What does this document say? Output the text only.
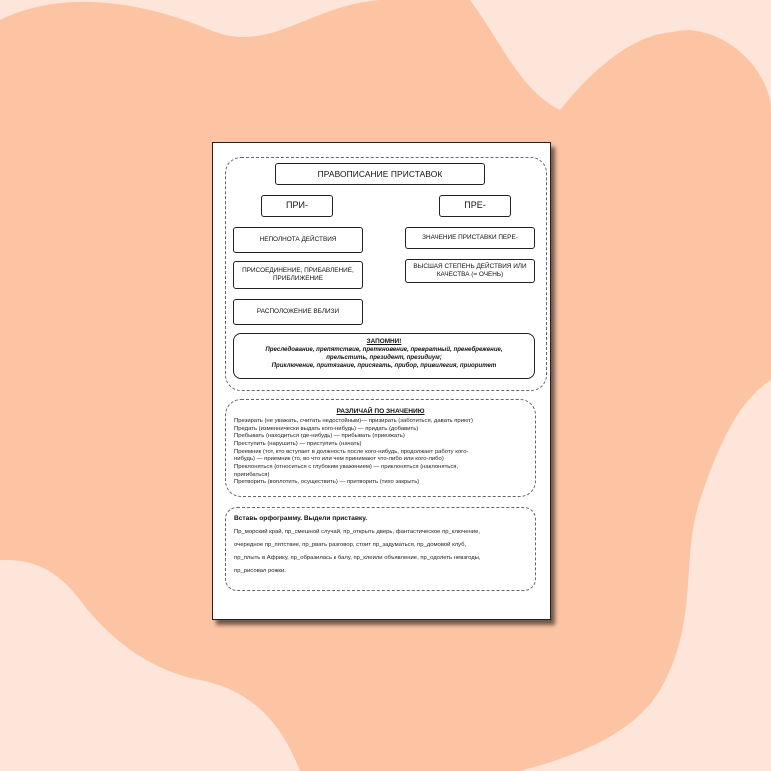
ПРАВОПИСАНИЕ ПРИСТАВОК
ПРИ-	ПРЕ-
НЕПОЛНОТА ДЕЙСТВИЯ
ПРИСОЕДИНЕНИЕ, ПРИБАВЛЕНИЕ, ПРИБЛИЖЕНИЕ
РАСПОЛОЖЕНИЕ ВБЛИЗИ
ЗНАЧЕНИЕ ПРИСТАВКИ ПЕРЕ-
ВЫСШАЯ СТЕПЕНЬ ДЕЙСТВИЯ ИЛИ КАЧЕСТВА (= ОЧЕНЬ)
ЗАПОМНИ!
Преследование, препятствие, преткновение, превратный, пренебрежение,
прельстить, президент, президиум;
Приключение, притязание, присягать, прибор, привилегия, приоритет
РАЗЛИЧАЙ ПО ЗНАЧЕНИЮ
Презирать (не уважать, считать недостойным)— призирать (заботиться, давать приют)
Предать (изменнически выдать кого-нибудь) — придать (добавить)
Пребывать (находиться где-нибудь) — прибывать (приезжать)
Преступить (нарушить) — приступить (начать)
Преемник (тот, кто вступает в должность после кого-нибудь, продолжает работу кого-
нибудь) — приемник (то, во что или чем принимают что-либо или кого-либо)
Преклоняться (относиться с глубоким уважением) — приклоняться (наклоняться,
пригибаться)
Претворить (воплотить, осуществить) — притворить (тихо закрыть)
Вставь орфограмму. Выдели приставку.
Пр_морский край, пр_смешной случай, пр_открыть дверь, фантастическое пр_ключение,
очередное пр_пятствие, пр_рвать разговор, стоит пр_задуматься, пр_домовой клуб,
пр_плыть в Африку, пр_образилась к балу, пр_клеили объявление, пр_одолеть невзгоды,
пр_рисовал рожки.
